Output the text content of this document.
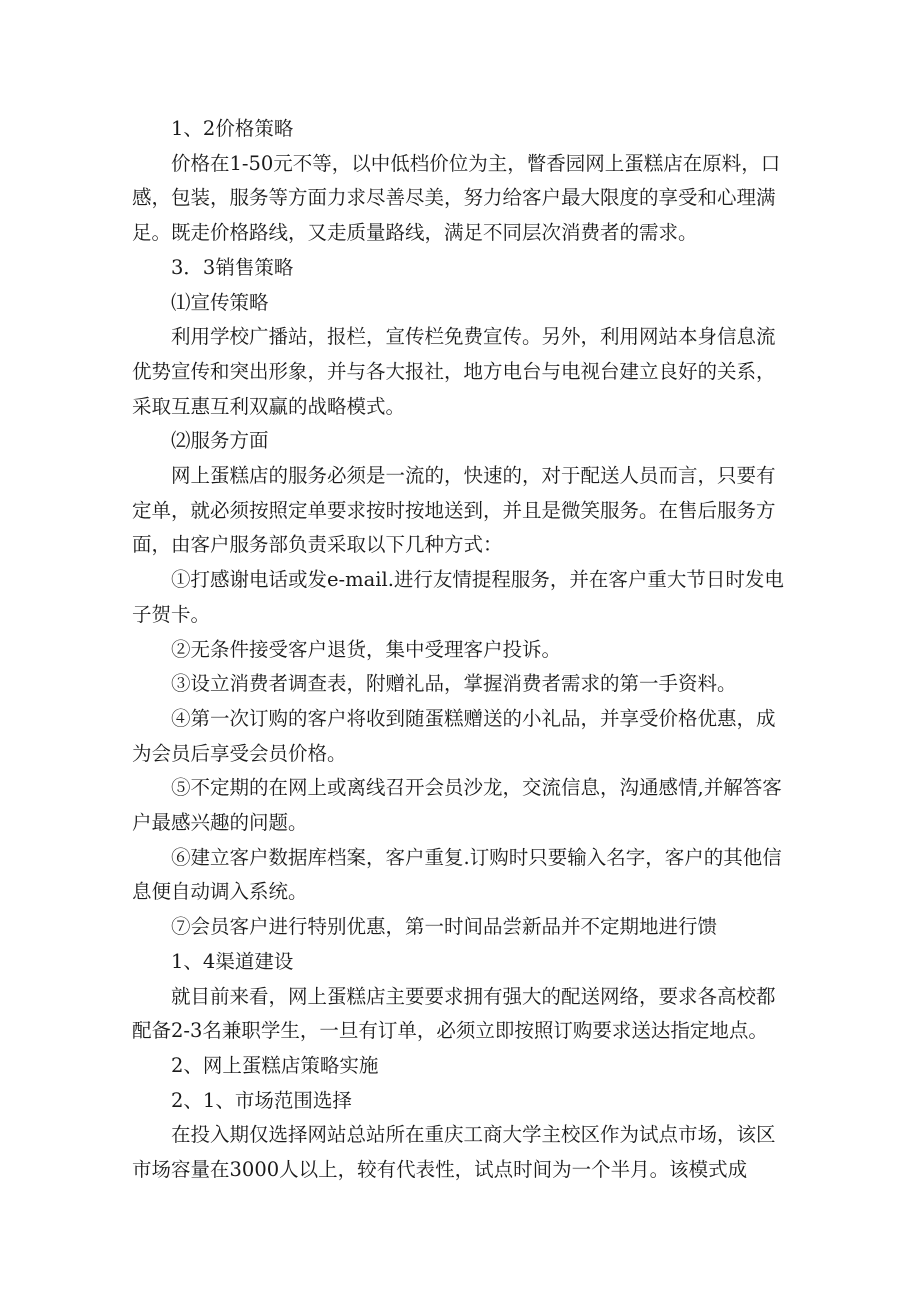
1、2价格策略

价格在1-50元不等，以中低档价位为主，瞥香园网上蛋糕店在原料，口感，包装，服务等方面力求尽善尽美，努力给客户最大限度的享受和心理满足。既走价格路线，又走质量路线，满足不同层次消费者的需求。

3．3销售策略

⑴宣传策略

利用学校广播站，报栏，宣传栏免费宣传。另外，利用网站本身信息流优势宣传和突出形象，并与各大报社，地方电台与电视台建立良好的关系，采取互惠互利双赢的战略模式。

⑵服务方面

网上蛋糕店的服务必须是一流的，快速的，对于配送人员而言，只要有定单，就必须按照定单要求按时按地送到，并且是微笑服务。在售后服务方面，由客户服务部负责采取以下几种方式：

①打感谢电话或发e-mail.进行友情提程服务，并在客户重大节日时发电子贺卡。

②无条件接受客户退货，集中受理客户投诉。

③设立消费者调查表，附赠礼品，掌握消费者需求的第一手资料。

④第一次订购的客户将收到随蛋糕赠送的小礼品，并享受价格优惠，成为会员后享受会员价格。

⑤不定期的在网上或离线召开会员沙龙，交流信息，沟通感情,并解答客户最感兴趣的问题。

⑥建立客户数据库档案，客户重复.订购时只要输入名字，客户的其他信息便自动调入系统。

⑦会员客户进行特别优惠，第一时间品尝新品并不定期地进行馈

1、4渠道建设

就目前来看，网上蛋糕店主要要求拥有强大的配送网络，要求各高校都配备2-3名兼职学生，一旦有订单，必须立即按照订购要求送达指定地点。

2、网上蛋糕店策略实施

2、1、市场范围选择

在投入期仅选择网站总站所在重庆工商大学主校区作为试点市场，该区市场容量在3000人以上，较有代表性，试点时间为一个半月。该模式成
